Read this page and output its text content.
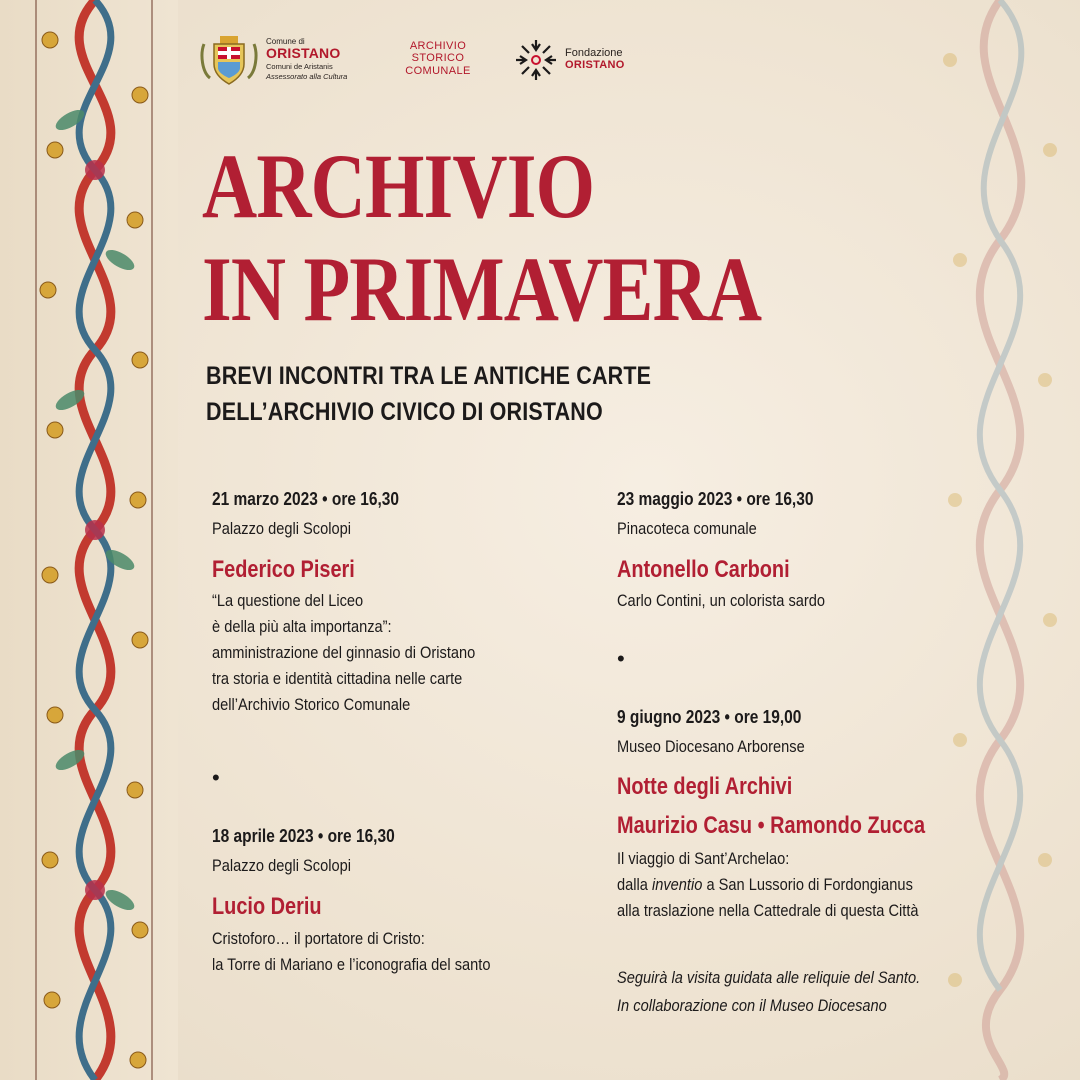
Comune di
ORISTANO
Comuni de Aristanis
Assessorato alla Cultura
ARCHIVIO
STORICO
COMUNALE
Fondazione
ORISTANO
ARCHIVIO
IN PRIMAVERA
BREVI INCONTRI TRA LE ANTICHE CARTE
DELL’ARCHIVIO CIVICO DI ORISTANO
21 marzo 2023 • ore 16,30
Palazzo degli Scolopi
Federico Piseri
“La questione del Liceo
è della più alta importanza”:
amministrazione del ginnasio di Oristano
tra storia e identità cittadina nelle carte
dell’Archivio Storico Comunale
•
18 aprile 2023 • ore 16,30
Palazzo degli Scolopi
Lucio Deriu
Cristoforo… il portatore di Cristo:
la Torre di Mariano e l’iconografia del santo
23 maggio 2023 • ore 16,30
Pinacoteca comunale
Antonello Carboni
Carlo Contini, un colorista sardo
•
9 giugno 2023 • ore 19,00
Museo Diocesano Arborense
Notte degli Archivi
Maurizio Casu • Ramondo Zucca
Il viaggio di Sant’Archelao:
dalla inventio a San Lussorio di Fordongianus
alla traslazione nella Cattedrale di questa Città
Seguirà la visita guidata alle reliquie del Santo.
In collaborazione con il Museo Diocesano
